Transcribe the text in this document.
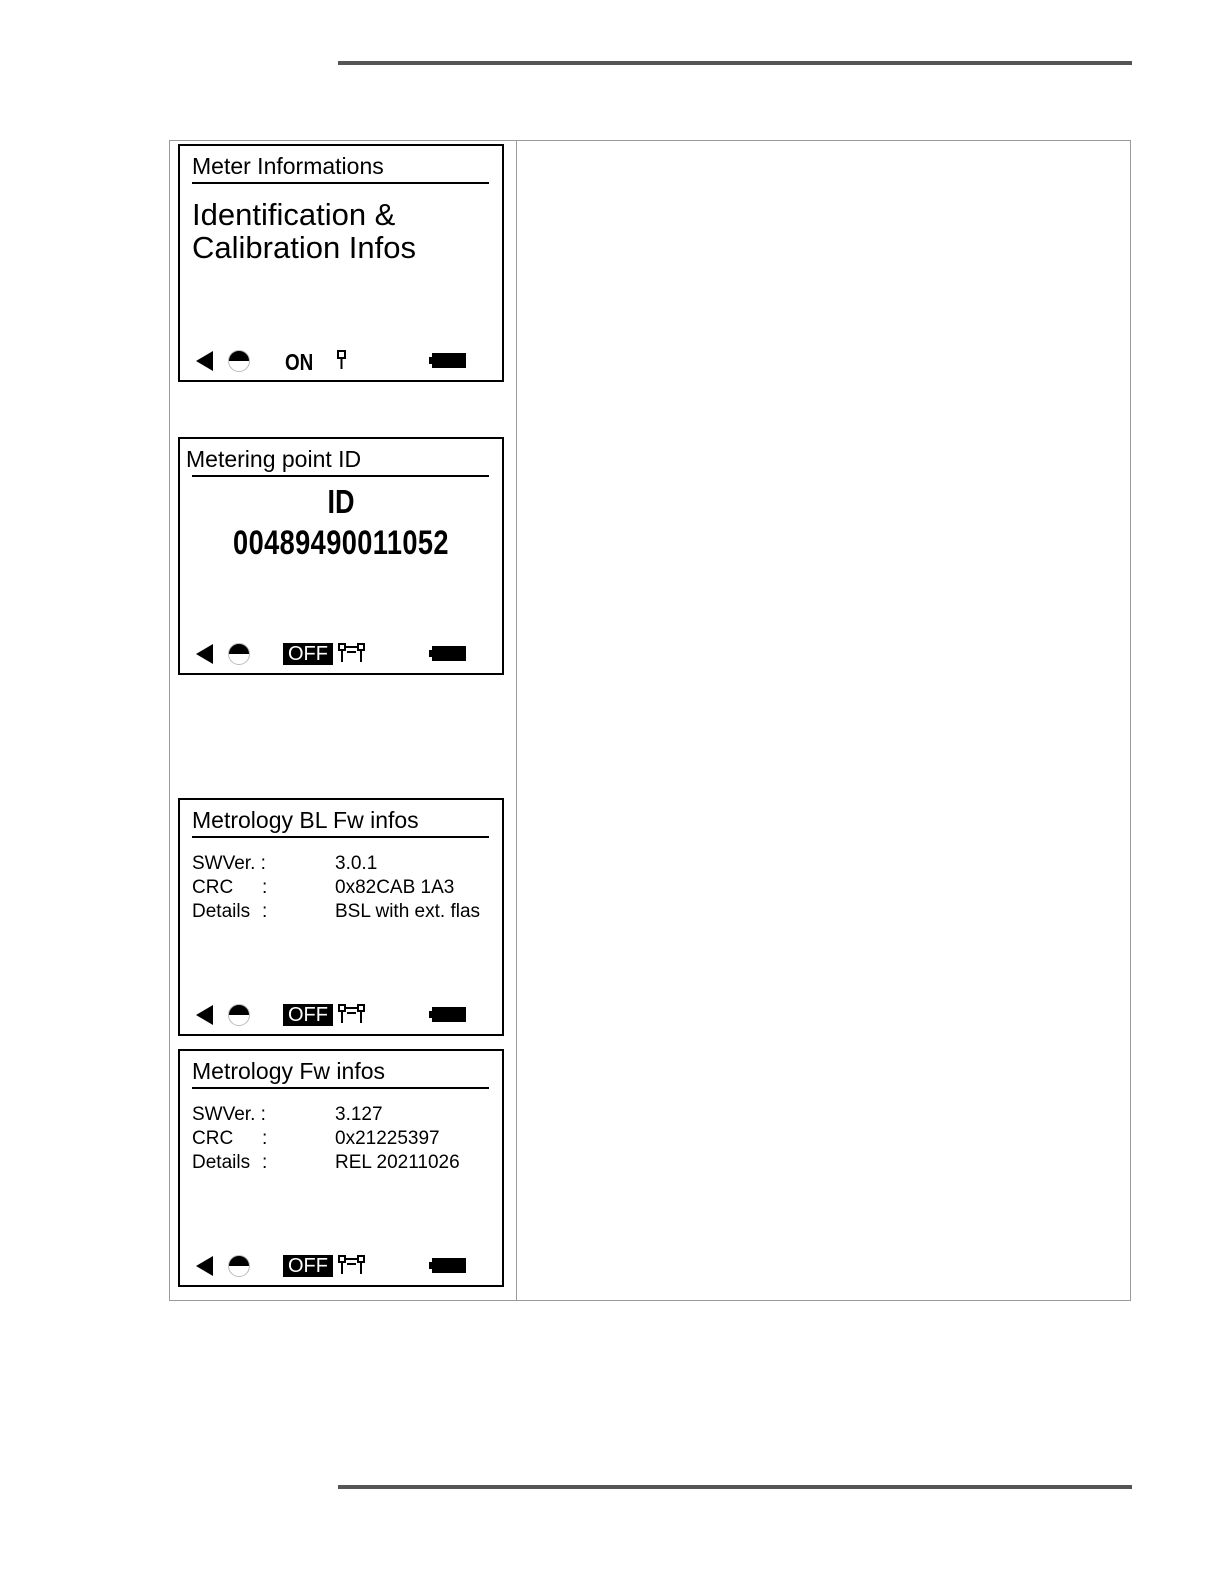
Meter Informations
Identification &
Calibration Infos
ON
Metering point ID
ID
00489490011052
OFF
Metrology BL Fw infos
SWVer. :	3.0.1
CRC :	0x82CAB 1A3
Details :	BSL with ext. flas
OFF
Metrology Fw infos
SWVer. :	3.127
CRC :	0x21225397
Details :	REL 20211026
OFF
